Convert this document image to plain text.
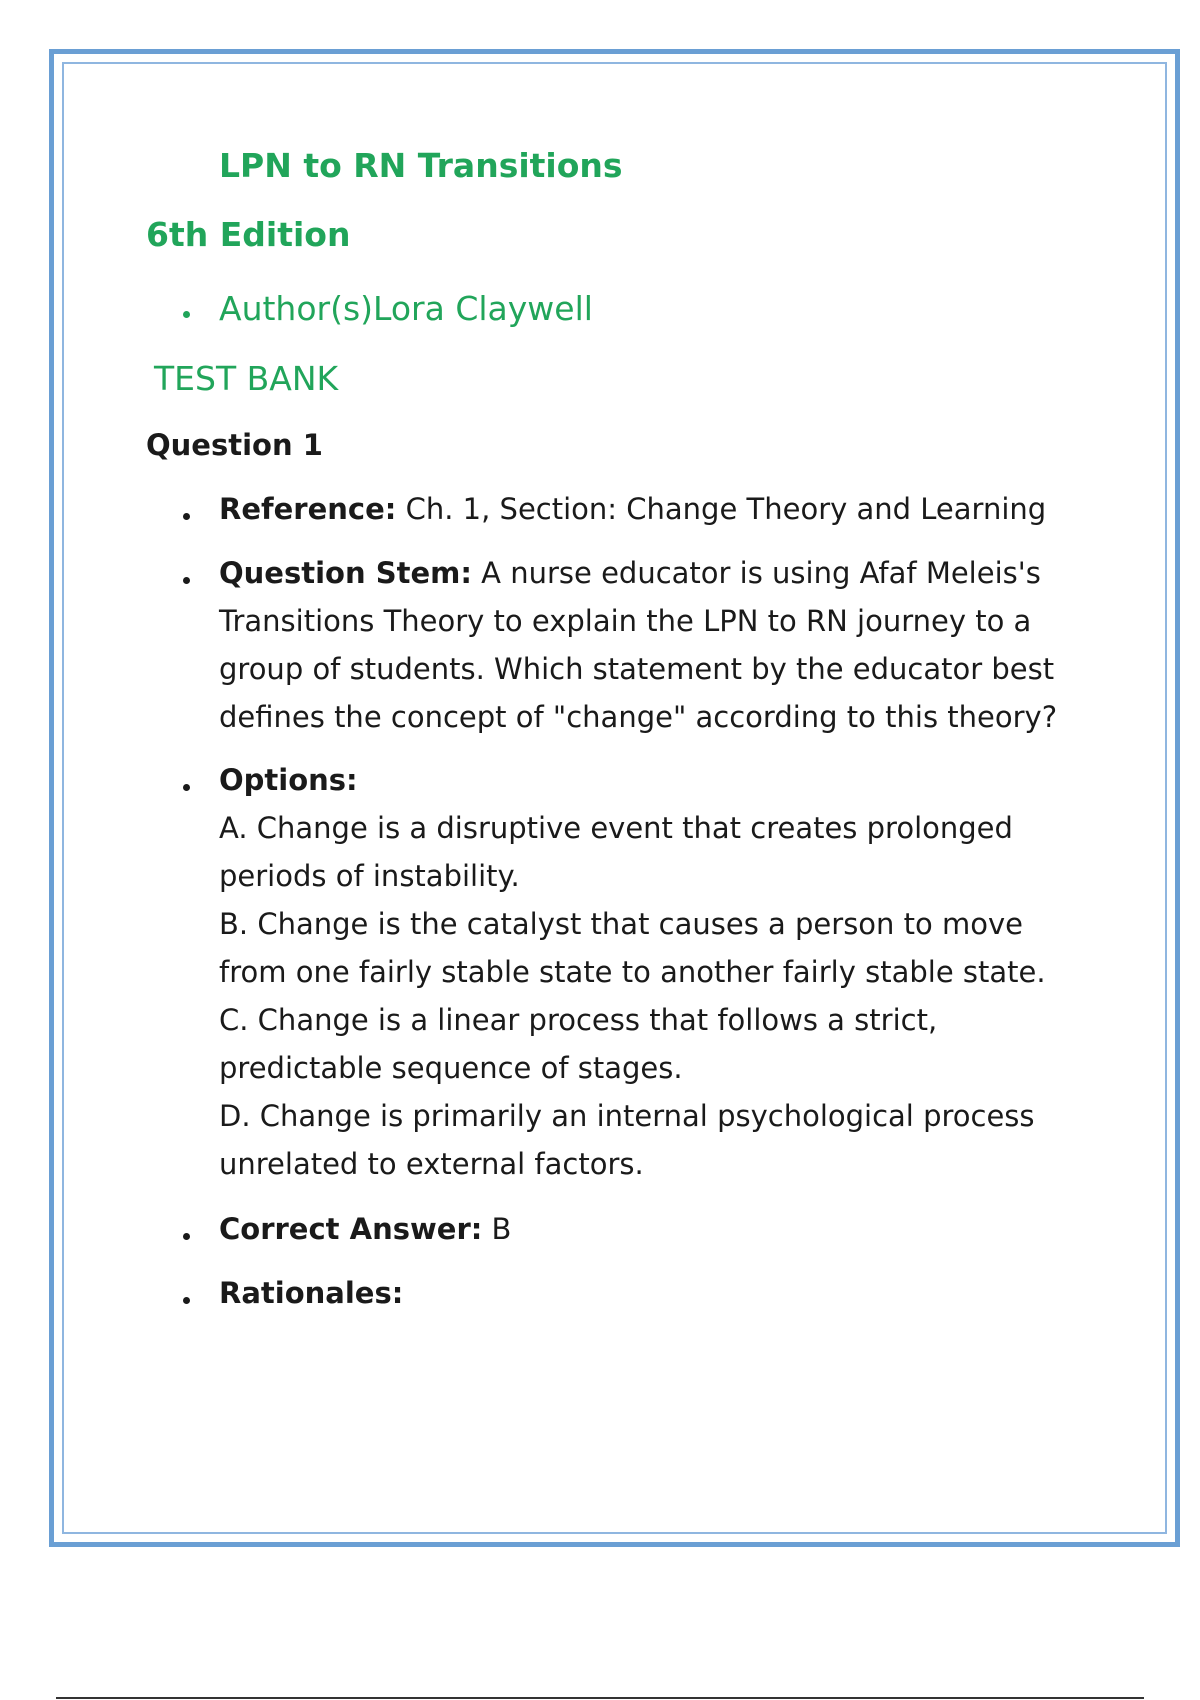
LPN to RN Transitions
6th Edition
Author(s)Lora Claywell
TEST BANK
Question 1
Reference: Ch. 1, Section: Change Theory and Learning
Question Stem: A nurse educator is using Afaf Meleis's Transitions Theory to explain the LPN to RN journey to a group of students. Which statement by the educator best defines the concept of "change" according to this theory?
Options:
A. Change is a disruptive event that creates prolonged periods of instability.
B. Change is the catalyst that causes a person to move from one fairly stable state to another fairly stable state.
C. Change is a linear process that follows a strict, predictable sequence of stages.
D. Change is primarily an internal psychological process unrelated to external factors.
Correct Answer: B
Rationales:
